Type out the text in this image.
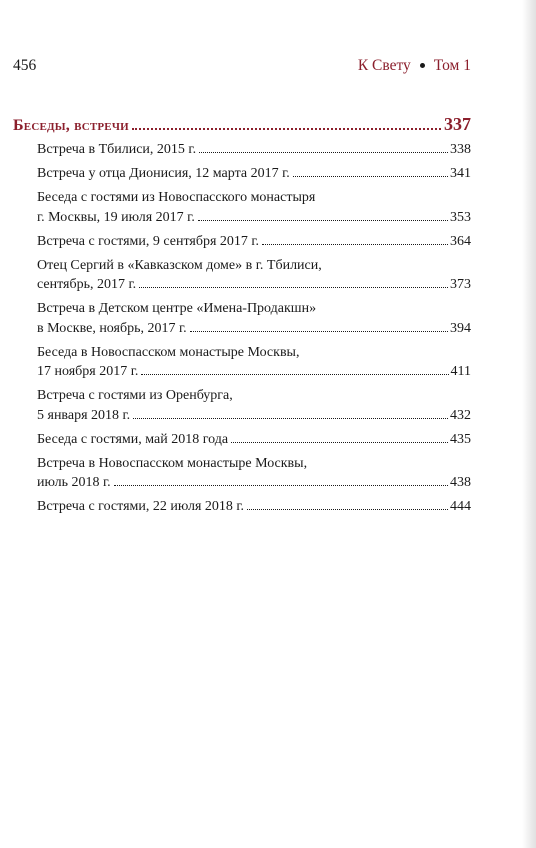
456	К Свету Том 1
Беседы, встречи	337
Встреча в Тбилиси, 2015 г.	338
Встреча у отца Дионисия, 12 марта 2017 г.	341
Беседа с гостями из Новоспасского монастыря
г. Москвы, 19 июля 2017 г.	353
Встреча с гостями, 9 сентября 2017 г.	364
Отец Сергий в «Кавказском доме» в г. Тбилиси,
сентябрь, 2017 г.	373
Встреча в Детском центре «Имена-Продакшн»
в Москве, ноябрь, 2017 г.	394
Беседа в Новоспасском монастыре Москвы,
17 ноября 2017 г.	411
Встреча с гостями из Оренбурга,
5 января 2018 г.	432
Беседа с гостями, май 2018 года	435
Встреча в Новоспасском монастыре Москвы,
июль 2018 г.	438
Встреча с гостями, 22 июля 2018 г.	444
